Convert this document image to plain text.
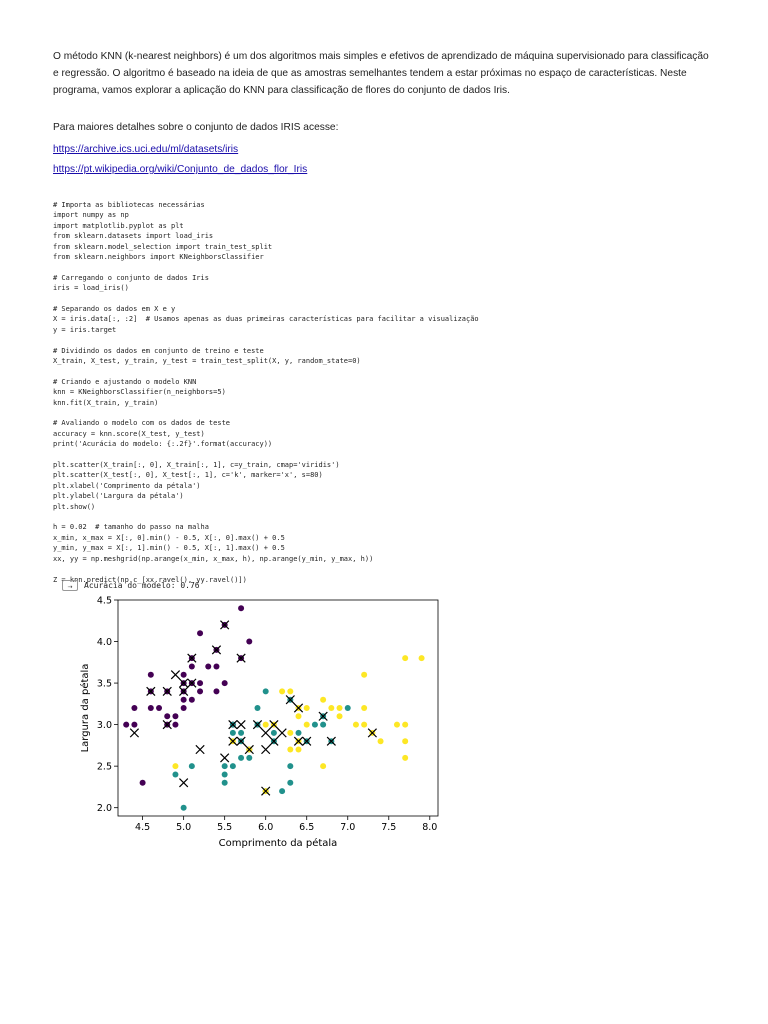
O método KNN (k-nearest neighbors) é um dos algoritmos mais simples e efetivos de aprendizado de máquina supervisionado para classificação e regressão. O algoritmo é baseado na ideia de que as amostras semelhantes tendem a estar próximas no espaço de características. Neste programa, vamos explorar a aplicação do KNN para classificação de flores do conjunto de dados Iris.

Para maiores detalhes sobre o conjunto de dados IRIS acesse:

https://archive.ics.uci.edu/ml/datasets/iris
https://pt.wikipedia.org/wiki/Conjunto_de_dados_flor_Iris
# Importa as bibliotecas necessárias
import numpy as np
import matplotlib.pyplot as plt
from sklearn.datasets import load_iris
from sklearn.model_selection import train_test_split
from sklearn.neighbors import KNeighborsClassifier
# Carregando o conjunto de dados Iris
iris = load_iris()
# Separando os dados em X e y
X = iris.data[:, :2]  # Usamos apenas as duas primeiras características para facilitar a visualização
y = iris.target
# Dividindo os dados em conjunto de treino e teste
X_train, X_test, y_train, y_test = train_test_split(X, y, random_state=0)
# Criando e ajustando o modelo KNN
knn = KNeighborsClassifier(n_neighbors=5)
knn.fit(X_train, y_train)
# Avaliando o modelo com os dados de teste
accuracy = knn.score(X_test, y_test)
print('Acurácia do modelo: {:.2f}'.format(accuracy))
plt.scatter(X_train[:, 0], X_train[:, 1], c=y_train, cmap='viridis')
plt.scatter(X_test[:, 0], X_test[:, 1], c='k', marker='x', s=80)
plt.xlabel('Comprimento da pétala')
plt.ylabel('Largura da pétala')
plt.show()
h = 0.02  # tamanho do passo na malha
x_min, x_max = X[:, 0].min() - 0.5, X[:, 0].max() + 0.5
y_min, y_max = X[:, 1].min() - 0.5, X[:, 1].max() + 0.5
xx, yy = np.meshgrid(np.arange(x_min, x_max, h), np.arange(y_min, y_max, h))
Z = knn.predict(np.c_[xx.ravel(), yy.ravel()])
⇢	Acurácia do modelo: 0.76
4.5	5.0	5.5	6.0	6.5	7.0	7.5	8.0
2.0
2.5
3.0
3.5
4.0
4.5
Comprimento da pétala
Largura da pétala
